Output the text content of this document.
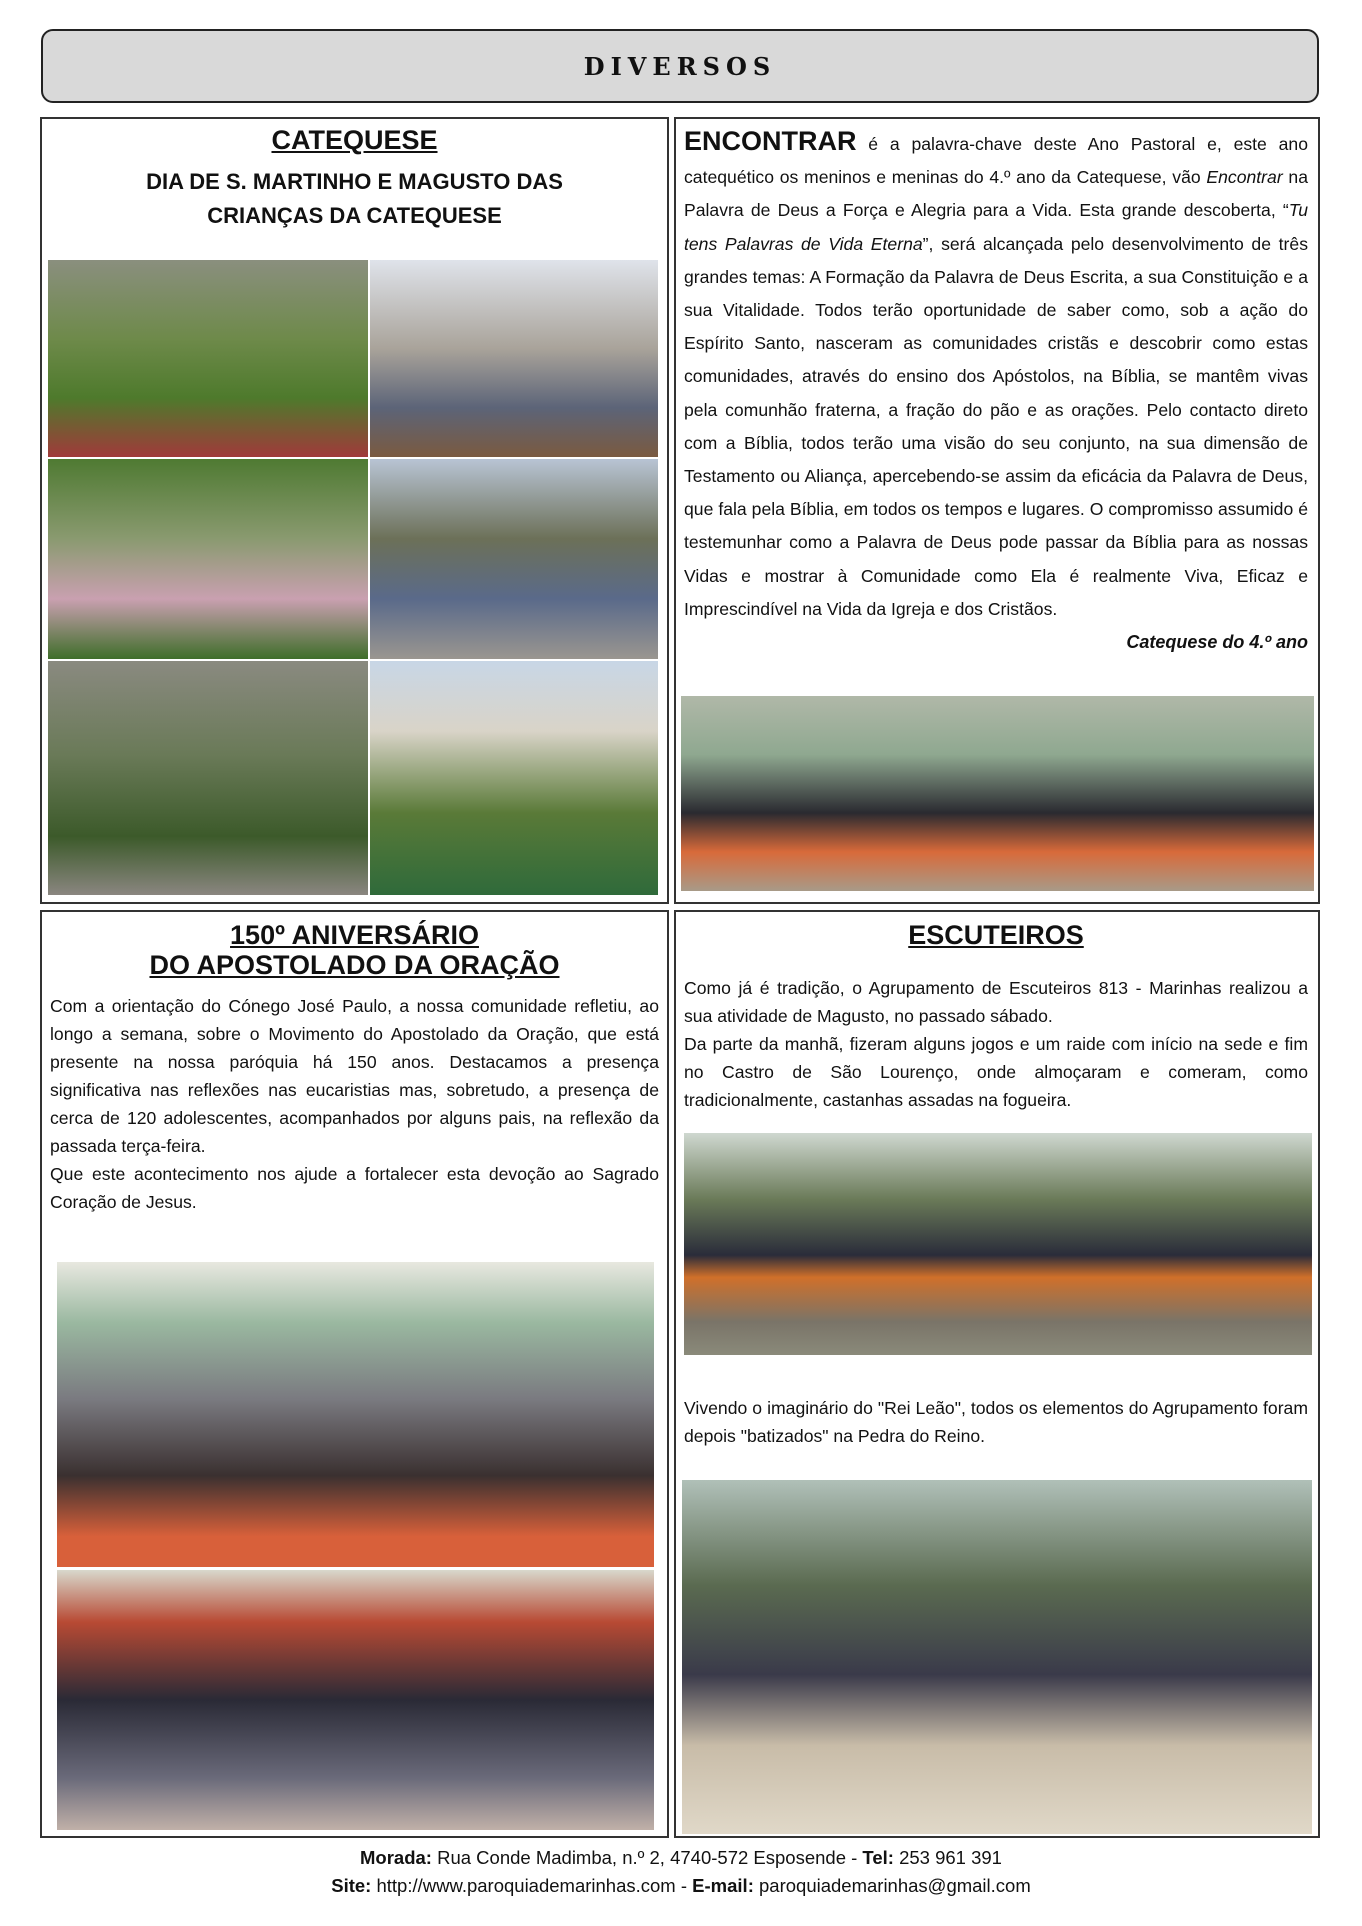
DIVERSOS
CATEQUESE
DIA DE S. MARTINHO E MAGUSTO DAS
CRIANÇAS DA CATEQUESE

ENCONTRAR é a palavra-chave deste Ano Pastoral e, este ano catequético os meninos e meninas do 4.º ano da Catequese, vão Encontrar na Palavra de Deus a Força e Alegria para a Vida. Esta grande descoberta, “Tu tens Palavras de Vida Eterna”, será alcançada pelo desenvolvimento de três grandes temas: A Formação da Palavra de Deus Escrita, a sua Constituição e a sua Vitalidade. Todos terão oportunidade de saber como, sob a ação do Espírito Santo, nasceram as comunidades cristãs e descobrir como estas comunidades, através do ensino dos Apóstolos, na Bíblia, se mantêm vivas pela comunhão fraterna, a fração do pão e as orações. Pelo contacto direto com a Bíblia, todos terão uma visão do seu conjunto, na sua dimensão de Testamento ou Aliança, apercebendo-se assim da eficácia da Palavra de Deus, que fala pela Bíblia, em todos os tempos e lugares. O compromisso assumido é testemunhar como a Palavra de Deus pode passar da Bíblia para as nossas Vidas e mostrar à Comunidade como Ela é realmente Viva, Eficaz e Imprescindível na Vida da Igreja e dos Cristãos.

Catequese do 4.º ano

150º ANIVERSÁRIO
DO APOSTOLADO DA ORAÇÃO

Com a orientação do Cónego José Paulo, a nossa comunidade refletiu, ao longo a semana, sobre o Movimento do Apostolado da Oração, que está presente na nossa paróquia há 150 anos. Destacamos a presença significativa nas reflexões nas eucaristias mas, sobretudo, a presença de cerca de 120 adolescentes, acompanhados por alguns pais, na reflexão da passada terça-feira.

Que este acontecimento nos ajude a fortalecer esta devoção ao Sagrado Coração de Jesus.

ESCUTEIROS

Como já é tradição, o Agrupamento de Escuteiros 813 - Marinhas realizou a sua atividade de Magusto, no passado sábado.

Da parte da manhã, fizeram alguns jogos e um raide com início na sede e fim no Castro de São Lourenço, onde almoçaram e comeram, como tradicionalmente, castanhas assadas na fogueira.

Vivendo o imaginário do "Rei Leão", todos os elementos do Agrupamento foram depois "batizados" na Pedra do Reino.

Morada: Rua Conde Madimba, n.º 2, 4740-572 Esposende - Tel: 253 961 391
Site: http://www.paroquiademarinhas.com - E-mail: paroquiademarinhas@gmail.com
